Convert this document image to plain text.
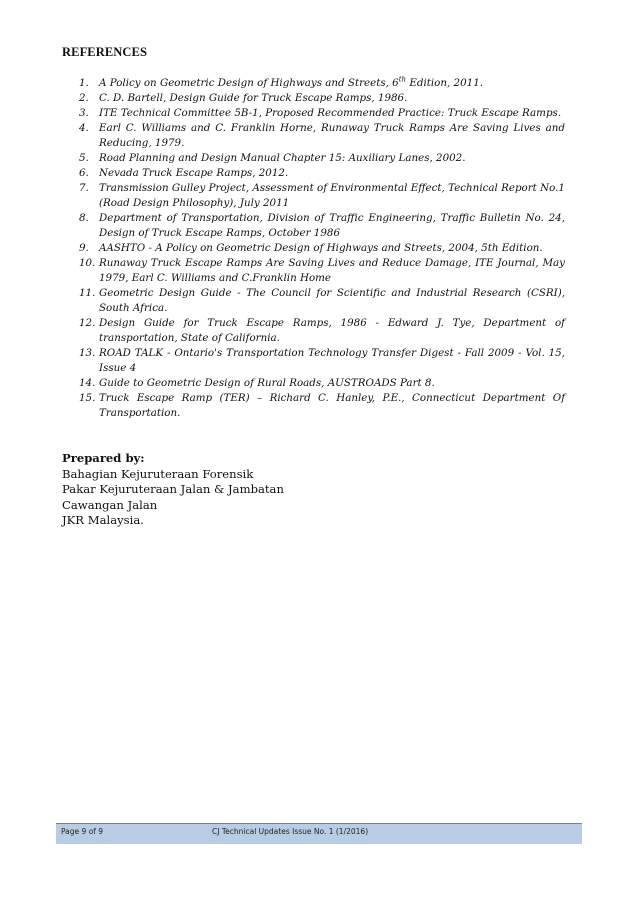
REFERENCES
1. A Policy on Geometric Design of Highways and Streets, 6th Edition, 2011.
2. C. D. Bartell, Design Guide for Truck Escape Ramps, 1986.
3. ITE Technical Committee 5B-1, Proposed Recommended Practice: Truck Escape Ramps.
4. Earl C. Williams and C. Franklin Horne, Runaway Truck Ramps Are Saving Lives and Reducing, 1979.
5. Road Planning and Design Manual Chapter 15: Auxiliary Lanes, 2002.
6. Nevada Truck Escape Ramps, 2012.
7. Transmission Gulley Project, Assessment of Environmental Effect, Technical Report No.1 (Road Design Philosophy), July 2011
8. Department of Transportation, Division of Traffic Engineering, Traffic Bulletin No. 24, Design of Truck Escape Ramps, October 1986
9. AASHTO - A Policy on Geometric Design of Highways and Streets, 2004, 5th Edition.
10. Runaway Truck Escape Ramps Are Saving Lives and Reduce Damage, ITE Journal, May 1979, Earl C. Williams and C.Franklin Home
11. Geometric Design Guide - The Council for Scientific and Industrial Research (CSRI), South Africa.
12. Design Guide for Truck Escape Ramps, 1986 - Edward J. Tye, Department of transportation, State of California.
13. ROAD TALK - Ontario's Transportation Technology Transfer Digest - Fall 2009 - Vol. 15, Issue 4
14. Guide to Geometric Design of Rural Roads, AUSTROADS Part 8.
15. Truck Escape Ramp (TER) – Richard C. Hanley, P.E., Connecticut Department Of Transportation.
Prepared by:
Bahagian Kejuruteraan Forensik
Pakar Kejuruteraan Jalan & Jambatan
Cawangan Jalan
JKR Malaysia.
Page 9 of 9	CJ Technical Updates Issue No. 1 (1/2016)
